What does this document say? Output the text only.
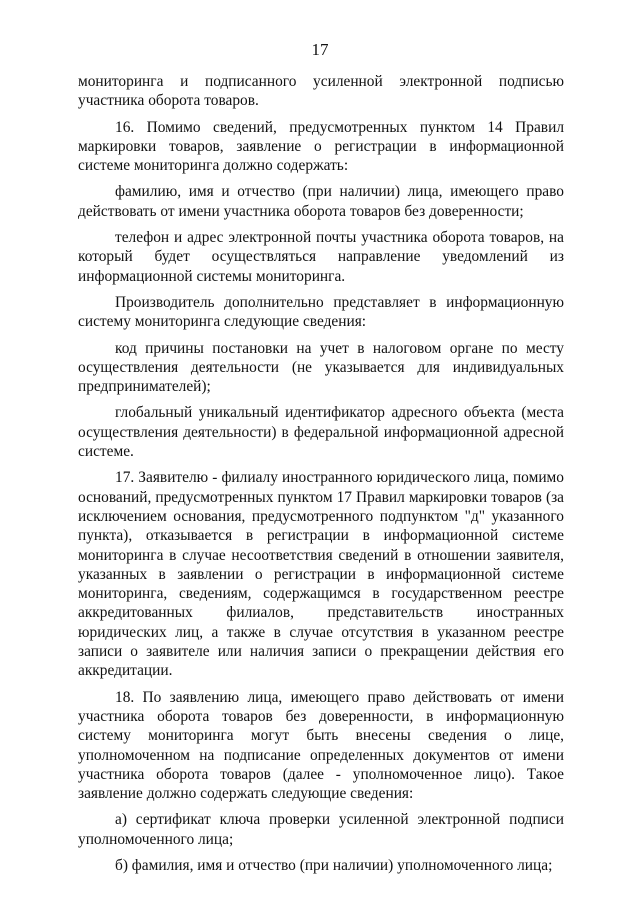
17

мониторинга и подписанного усиленной электронной подписью участника оборота товаров.

16. Помимо сведений, предусмотренных пунктом 14 Правил маркировки товаров, заявление о регистрации в информационной системе мониторинга должно содержать:

фамилию, имя и отчество (при наличии) лица, имеющего право действовать от имени участника оборота товаров без доверенности;

телефон и адрес электронной почты участника оборота товаров, на который будет осуществляться направление уведомлений из информационной системы мониторинга.

Производитель дополнительно представляет в информационную систему мониторинга следующие сведения:

код причины постановки на учет в налоговом органе по месту осуществления деятельности (не указывается для индивидуальных предпринимателей);

глобальный уникальный идентификатор адресного объекта (места осуществления деятельности) в федеральной информационной адресной системе.

17. Заявителю - филиалу иностранного юридического лица, помимо оснований, предусмотренных пунктом 17 Правил маркировки товаров (за исключением основания, предусмотренного подпунктом "д" указанного пункта), отказывается в регистрации в информационной системе мониторинга в случае несоответствия сведений в отношении заявителя, указанных в заявлении о регистрации в информационной системе мониторинга, сведениям, содержащимся в государственном реестре аккредитованных филиалов, представительств иностранных юридических лиц, а также в случае отсутствия в указанном реестре записи о заявителе или наличия записи о прекращении действия его аккредитации.

18. По заявлению лица, имеющего право действовать от имени участника оборота товаров без доверенности, в информационную систему мониторинга могут быть внесены сведения о лице, уполномоченном на подписание определенных документов от имени участника оборота товаров (далее - уполномоченное лицо). Такое заявление должно содержать следующие сведения:

а) сертификат ключа проверки усиленной электронной подписи уполномоченного лица;

б) фамилия, имя и отчество (при наличии) уполномоченного лица;
